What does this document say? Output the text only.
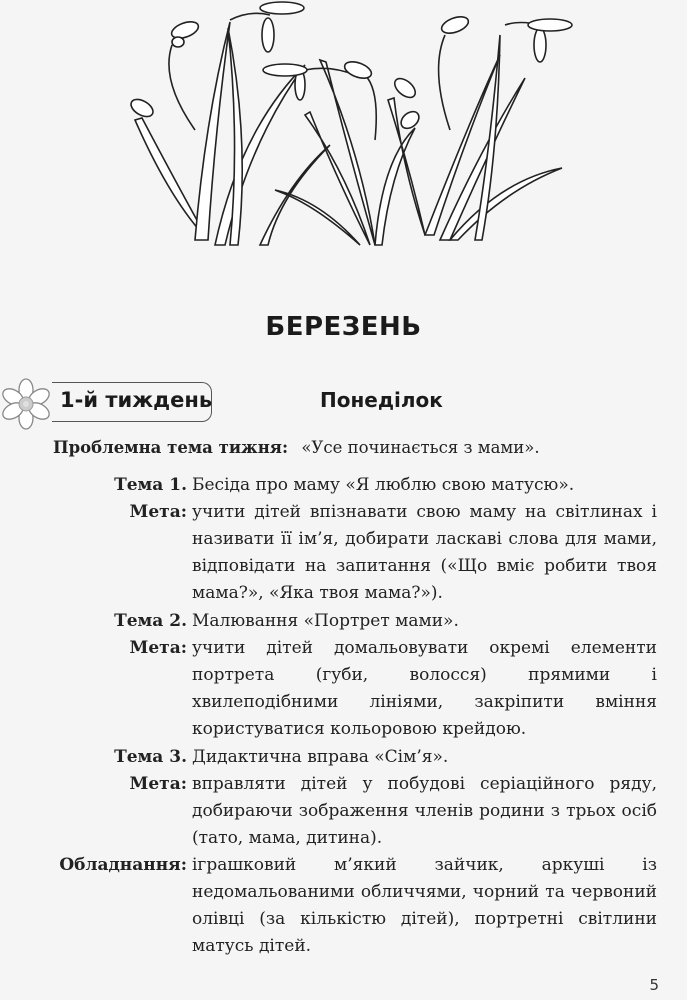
БЕРЕЗЕНЬ
1-й тиждень	Понеділок
Проблемна тема тижня: «Усе починається з мами».
Тема 1. Бесіда про маму «Я люблю свою матусю».
Мета: учити дітей впізнавати свою маму на світлинах і називати її ім’я, добирати ласкаві слова для мами, відповідати на запитання («Що вміє робити твоя мама?», «Яка твоя мама?»).
Тема 2. Малювання «Портрет мами».
Мета: учити дітей домальовувати окремі елементи портрета (губи, волосся) прямими і хвилеподібними лініями, закріпити вміння користуватися кольоровою крейдою.
Тема 3. Дидактична вправа «Сім’я».
Мета: вправляти дітей у побудові серіаційного ряду, добираючи зображення членів родини з трьох осіб (тато, мама, дитина).
Обладнання: іграшковий м’який зайчик, аркуші із недомальованими обличчями, чорний та червоний олівці (за кількістю дітей), портретні світлини матусь дітей.
5
